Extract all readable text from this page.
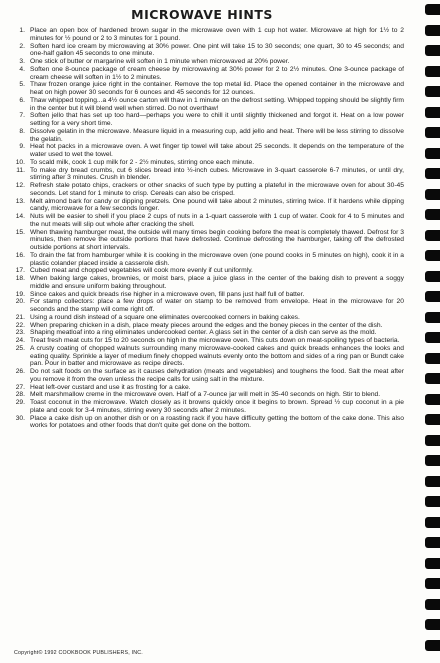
MICROWAVE HINTS
1. Place an open box of hardened brown sugar in the microwave oven with 1 cup hot water. Microwave at high for 1½ to 2 minutes for ½ pound or 2 to 3 minutes for 1 pound.
2. Soften hard ice cream by microwaving at 30% power. One pint will take 15 to 30 seconds; one quart, 30 to 45 seconds; and one-half gallon 45 seconds to one minute.
3. One stick of butter or margarine will soften in 1 minute when microwaved at 20% power.
4. Soften one 8-ounce package of cream cheese by microwaving at 30% power for 2 to 2½ minutes. One 3-ounce package of cream cheese will soften in 1½ to 2 minutes.
5. Thaw frozen orange juice right in the container. Remove the top metal lid. Place the opened container in the microwave and heat on high power 30 seconds for 6 ounces and 45 seconds for 12 ounces.
6. Thaw whipped topping...a 4½ ounce carton will thaw in 1 minute on the defrost setting. Whipped topping should be slightly firm in the center but it will blend well when stirred. Do not overthaw!
7. Soften jello that has set up too hard—perhaps you were to chill it until slightly thickened and forgot it. Heat on a low power setting for a very short time.
8. Dissolve gelatin in the microwave. Measure liquid in a measuring cup, add jello and heat. There will be less stirring to dissolve the gelatin.
9. Heat hot packs in a microwave oven. A wet finger tip towel will take about 25 seconds. It depends on the temperature of the water used to wet the towel.
10. To scald milk, cook 1 cup milk for 2 - 2½ minutes, stirring once each minute.
11. To make dry bread crumbs, cut 6 slices bread into ½-inch cubes. Microwave in 3-quart casserole 6-7 minutes, or until dry, stirring after 3 minutes. Crush in blender.
12. Refresh stale potato chips, crackers or other snacks of such type by putting a plateful in the microwave oven for about 30-45 seconds. Let stand for 1 minute to crisp. Cereals can also be crisped.
13. Melt almond bark for candy or dipping pretzels. One pound will take about 2 minutes, stirring twice. If it hardens while dipping candy, microwave for a few seconds longer.
14. Nuts will be easier to shell if you place 2 cups of nuts in a 1-quart casserole with 1 cup of water. Cook for 4 to 5 minutes and the nut meats will slip out whole after cracking the shell.
15. When thawing hamburger meat, the outside will many times begin cooking before the meat is completely thawed. Defrost for 3 minutes, then remove the outside portions that have defrosted. Continue defrosting the hamburger, taking off the defrosted outside portions at short intervals.
16. To drain the fat from hamburger while it is cooking in the microwave oven (one pound cooks in 5 minutes on high), cook it in a plastic colander placed inside a casserole dish.
17. Cubed meat and chopped vegetables will cook more evenly if cut uniformly.
18. When baking large cakes, brownies, or moist bars, place a juice glass in the center of the baking dish to prevent a soggy middle and ensure uniform baking throughout.
19. Since cakes and quick breads rise higher in a microwave oven, fill pans just half full of batter.
20. For stamp collectors: place a few drops of water on stamp to be removed from envelope. Heat in the microwave for 20 seconds and the stamp will come right off.
21. Using a round dish instead of a square one eliminates overcooked corners in baking cakes.
22. When preparing chicken in a dish, place meaty pieces around the edges and the boney pieces in the center of the dish.
23. Shaping meatloaf into a ring eliminates undercooked center. A glass set in the center of a dish can serve as the mold.
24. Treat fresh meat cuts for 15 to 20 seconds on high in the microwave oven. This cuts down on meat-spoiling types of bacteria.
25. A crusty coating of chopped walnuts surrounding many microwave-cooked cakes and quick breads enhances the looks and eating quality. Sprinkle a layer of medium finely chopped walnuts evenly onto the bottom and sides of a ring pan or Bundt cake pan. Pour in batter and microwave as recipe directs.
26. Do not salt foods on the surface as it causes dehydration (meats and vegetables) and toughens the food. Salt the meat after you remove it from the oven unless the recipe calls for using salt in the mixture.
27. Heat left-over custard and use it as frosting for a cake.
28. Melt marshmallow creme in the microwave oven. Half of a 7-ounce jar will melt in 35-40 seconds on high. Stir to blend.
29. Toast coconut in the microwave. Watch closely as it browns quickly once it begins to brown. Spread ½ cup coconut in a pie plate and cook for 3-4 minutes, stirring every 30 seconds after 2 minutes.
30. Place a cake dish up on another dish or on a roasting rack if you have difficulty getting the bottom of the cake done. This also works for potatoes and other foods that don't quite get done on the bottom.
Copyright© 1992 COOKBOOK PUBLISHERS, INC.
